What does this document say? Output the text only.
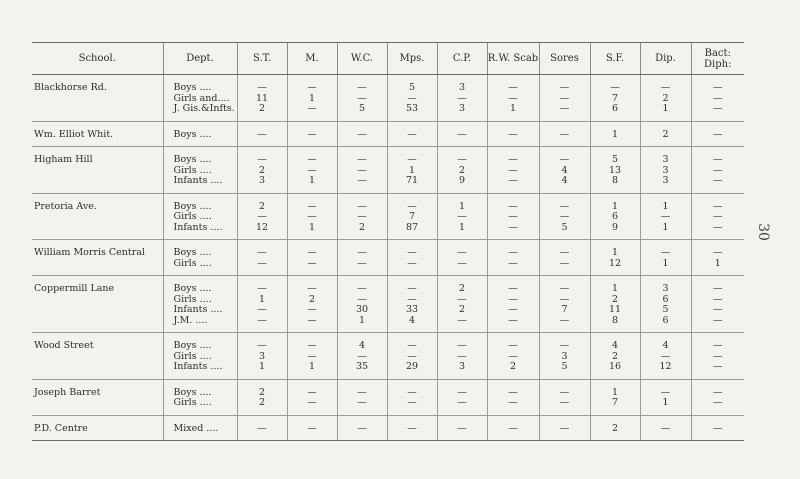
30
School.	Dept.	S.T.	M.	W.C.	Mps.	C.P.	R.W. Scab	Sores	S.F.	Dip.	Bact: Diph:
Blackhorse Rd.	Boys ....	—	—	—	5	3	—	—	—	—	—
	Girls and....	11	1	—	—	—	—	—	7	2	—
	J. Gis.&Infts.	2	—	5	53	3	1	—	6	1	—
Wm. Elliot Whit.	Boys ....	—	—	—	—	—	—	—	1	2	—
Higham Hill	Boys ....	—	—	—	—	—	—	—	5	3	—
	Girls ....	2	—	—	1	2	—	4	13	3	—
	Infants ....	3	1	—	71	9	—	4	8	3	—
Pretoria Ave.	Boys ....	2	—	—	—	1	—	—	1	1	—
	Girls ....	—	—	—	7	—	—	—	6	—	—
	Infants ....	12	1	2	87	1	—	5	9	1	—
William Morris Central	Boys ....	—	—	—	—	—	—	—	1	—	—
	Girls ....	—	—	—	—	—	—	—	12	1	1
Coppermill Lane	Boys ....	—	—	—	—	2	—	—	1	3	—
	Girls ....	1	2	—	—	—	—	—	2	6	—
	Infants ....	—	—	30	33	2	—	7	11	5	—
	J.M. ....	—	—	1	4	—	—	—	8	6	—
Wood Street	Boys ....	—	—	4	—	—	—	—	4	4	—
	Girls ....	3	—	—	—	—	—	3	2	—	—
	Infants ....	1	1	35	29	3	2	5	16	12	—
Joseph Barret	Boys ....	2	—	—	—	—	—	—	1	—	—
	Girls ....	2	—	—	—	—	—	—	7	1	—
P.D. Centre	Mixed ....	—	—	—	—	—	—	—	2	—	—
